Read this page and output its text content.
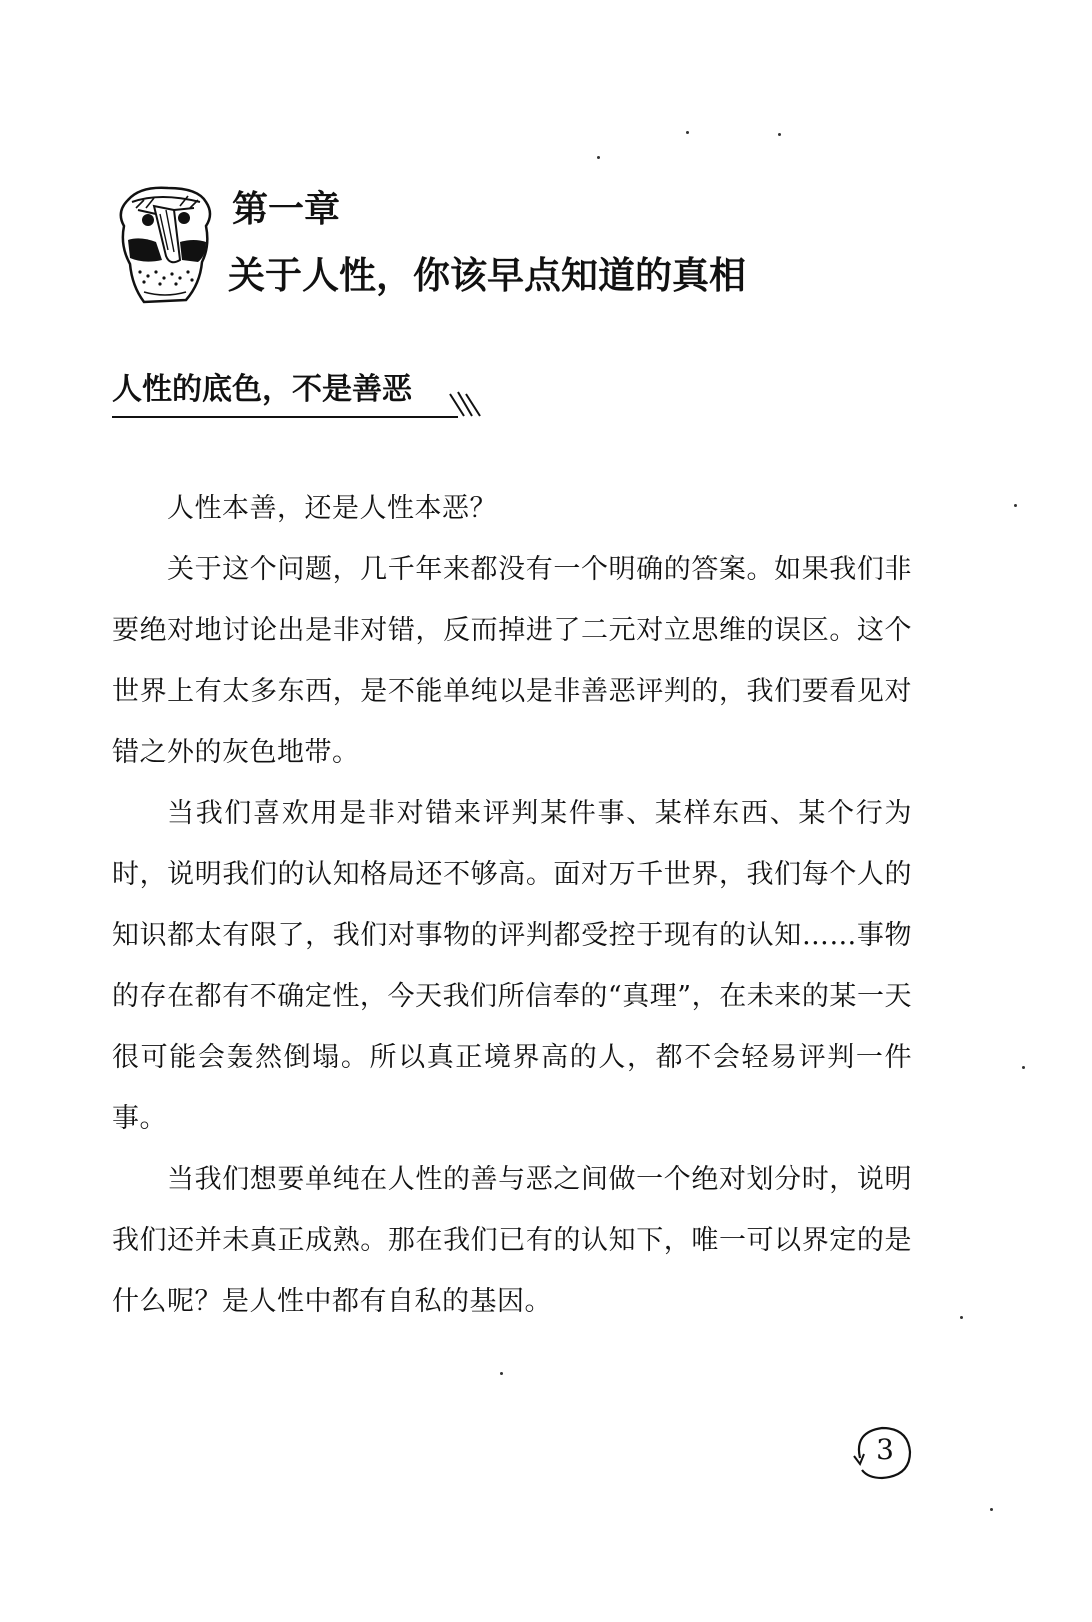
第一章
关于人性，你该早点知道的真相
人性的底色，不是善恶

人性本善，还是人性本恶？

关于这个问题，几千年来都没有一个明确的答案。如果我们非要绝对地讨论出是非对错，反而掉进了二元对立思维的误区。这个世界上有太多东西，是不能单纯以是非善恶评判的，我们要看见对错之外的灰色地带。

当我们喜欢用是非对错来评判某件事、某样东西、某个行为时，说明我们的认知格局还不够高。面对万千世界，我们每个人的知识都太有限了，我们对事物的评判都受控于现有的认知……事物的存在都有不确定性，今天我们所信奉的“真理”，在未来的某一天很可能会轰然倒塌。所以真正境界高的人，都不会轻易评判一件事。

当我们想要单纯在人性的善与恶之间做一个绝对划分时，说明我们还并未真正成熟。那在我们已有的认知下，唯一可以界定的是什么呢？是人性中都有自私的基因。

3
